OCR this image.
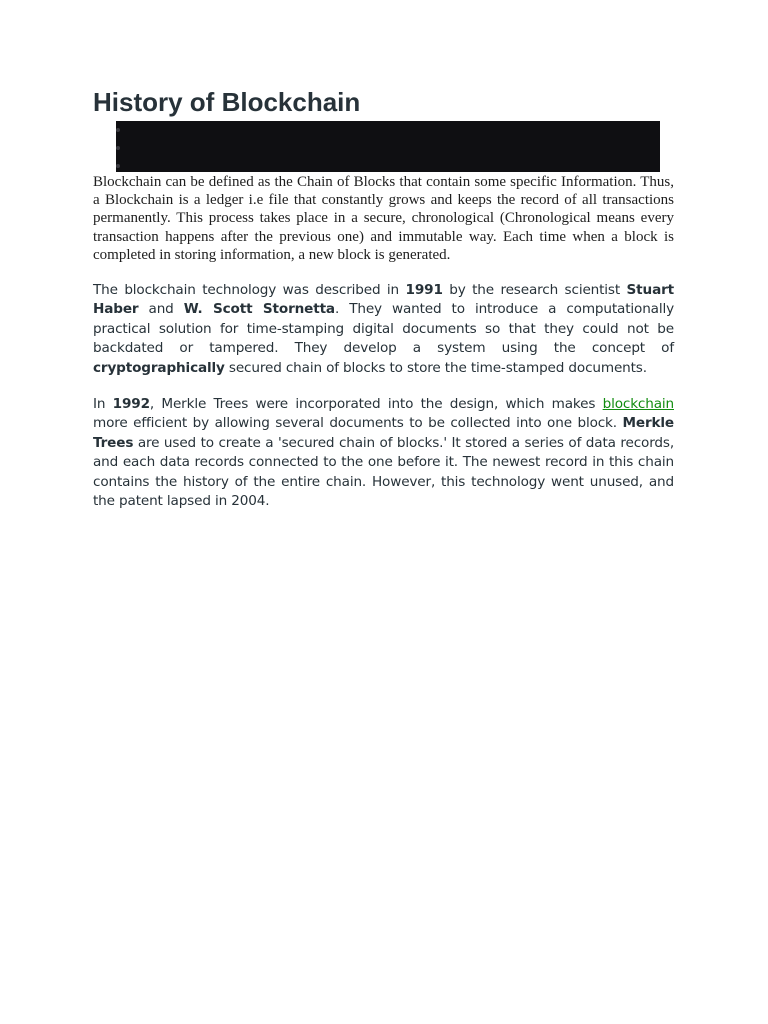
History of Blockchain

Blockchain can be defined as the Chain of Blocks that contain some specific Information. Thus, a Blockchain is a ledger i.e file that constantly grows and keeps the record of all transactions permanently. This process takes place in a secure, chronological (Chronological means every transaction happens after the previous one) and immutable way. Each time when a block is completed in storing information, a new block is generated.

The blockchain technology was described in 1991 by the research scientist Stuart Haber and W. Scott Stornetta. They wanted to introduce a computationally practical solution for time-stamping digital documents so that they could not be backdated or tampered. They develop a system using the concept of cryptographically secured chain of blocks to store the time-stamped documents.

In 1992, Merkle Trees were incorporated into the design, which makes blockchain more efficient by allowing several documents to be collected into one block. Merkle Trees are used to create a 'secured chain of blocks.' It stored a series of data records, and each data records connected to the one before it. The newest record in this chain contains the history of the entire chain. However, this technology went unused, and the patent lapsed in 2004.
